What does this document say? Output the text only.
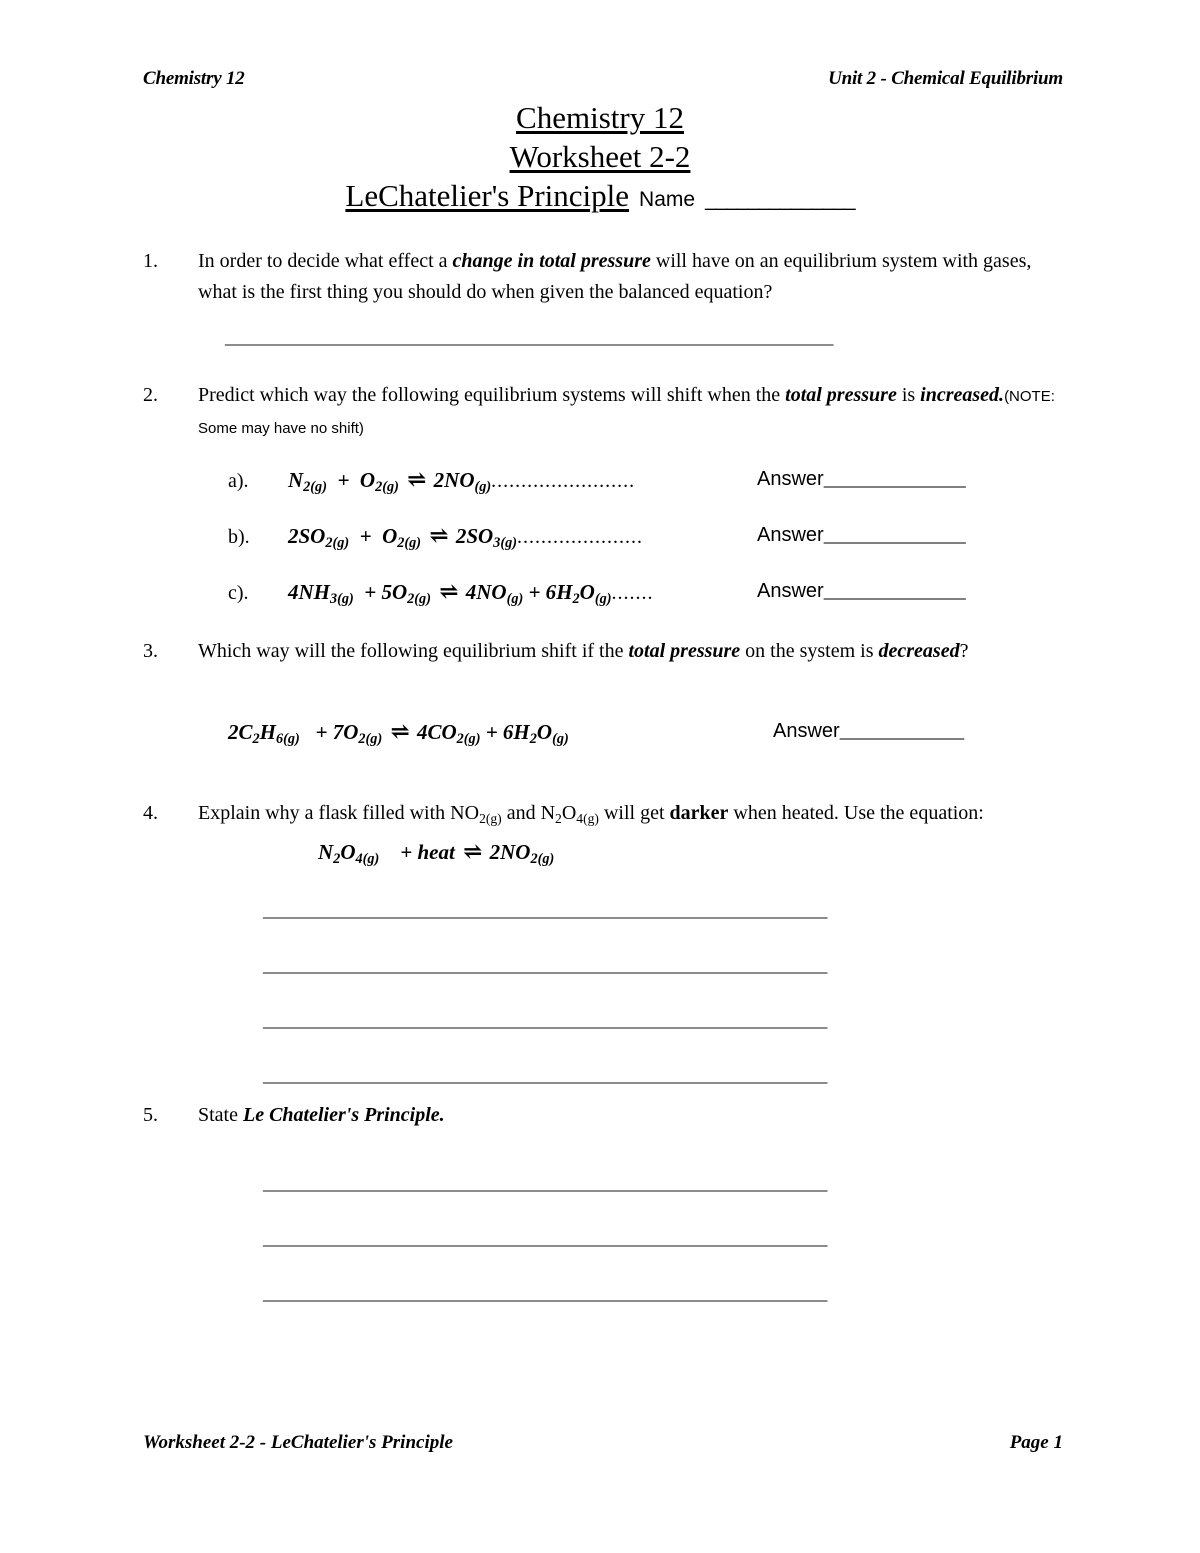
Chemistry 12	Unit 2 - Chemical Equilibrium
Chemistry 12
Worksheet 2-2
LeChatelier's Principle Name ______________
1.	In order to decide what effect a change in total pressure will have on an equilibrium system with gases, what is the first thing you should do when given the balanced equation?
_____________________________________________________________________
2.	Predict which way the following equilibrium systems will shift when the total pressure is increased.(NOTE: Some may have no shift)
a).	$N_{2(g)} + O_{2(g)}$ ⇌ $2NO_{(g)}$ ........................	Answer________________
b).	$2SO_{2(g)} + O_{2(g)}$ ⇌ $2SO_{3(g)}$ .....................	Answer________________
c).	$4NH_{3(g)} + 5O_{2(g)}$ ⇌ $4NO_{(g)} + 6H_2O_{(g)}$ .......	Answer________________
3.	Which way will the following equilibrium shift if the total pressure on the system is decreased?
$2C_2H_{6(g)} + 7O_{2(g)}$ ⇌ $4CO_{2(g)} + 6H_2O_{(g)}$	Answer______________
4.	Explain why a flask filled with $NO_{2(g)}$ and $N_2O_{4(g)}$ will get darker when heated. Use the equation:
$N_2O_{4(g)}$    + heat ⇌ $2NO_{2(g)}$
________________________________________________________________
________________________________________________________________
________________________________________________________________
________________________________________________________________
5.	State Le Chatelier's Principle.
________________________________________________________________
________________________________________________________________
________________________________________________________________
Worksheet 2-2 - LeChatelier's Principle	Page 1
